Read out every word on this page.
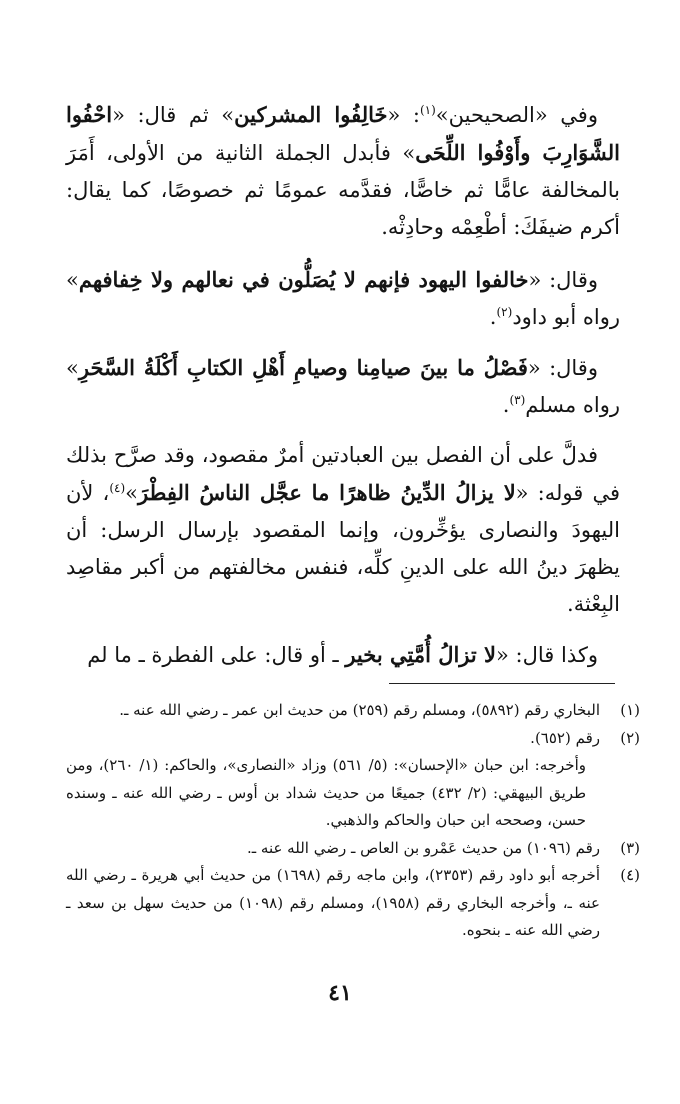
وفي «الصحيحين»$^{(١)}$: «خَالِفُوا المشركين» ثم قال: «احْفُوا الشَّوَارِبَ وأَوْفُوا اللِّحَى» فأبدل الجملة الثانية من الأولى، أَمَرَ بالمخالفة عامًّا ثم خاصًّا، فقدَّمه عمومًا ثم خصوصًا، كما يقال: أكرم ضيفَكَ: أطْعِمْه وحادِثْه.

وقال: «خالفوا اليهود فإنهم لا يُصَلُّون في نعالهم ولا خِفافهم» رواه أبو داود$^{(٢)}$.

وقال: «فَصْلُ ما بينَ صيامِنا وصيامِ أَهْلِ الكتابِ أَكْلَةُ السَّحَرِ» رواه مسلم$^{(٣)}$.

فدلَّ على أن الفصل بين العبادتين أمرٌ مقصود، وقد صرَّح بذلك في قوله: «لا يزالُ الدِّينُ ظاهرًا ما عجَّل الناسُ الفِطْرَ»$^{(٤)}$، لأن اليهودَ والنصارى يؤخِّرون، وإنما المقصود بإرسال الرسل: أن يظهرَ دينُ الله على الدينِ كلِّه، فنفس مخالفتهم من أكبر مقاصِد البِعْثة.

وكذا قال: «لا تزالُ أُمَّتِي بخير ـ أو قال: على الفطرة ـ ما لم

(١)
البخاري رقم (٥٨٩٢)، ومسلم رقم (٢٥٩) من حديث ابن عمر ـ رضي الله عنه ـ.
(٢)
رقم (٦٥٢).
وأخرجه: ابن حبان «الإحسان»: (٥/ ٥٦١) وزاد «النصارى»، والحاكم: (١/ ٢٦٠)، ومن طريق البيهقي: (٢/ ٤٣٢) جميعًا من حديث شداد بن أوس ـ رضي الله عنه ـ وسنده حسن، وصححه ابن حبان والحاكم والذهبي.
(٣)
رقم (١٠٩٦) من حديث عَمْرو بن العاص ـ رضي الله عنه ـ.
(٤)
أخرجه أبو داود رقم (٢٣٥٣)، وابن ماجه رقم (١٦٩٨) من حديث أبي هريرة ـ رضي الله عنه ـ، وأخرجه البخاري رقم (١٩٥٨)، ومسلم رقم (١٠٩٨) من حديث سهل بن سعد ـ رضي الله عنه ـ بنحوه.
٤١
